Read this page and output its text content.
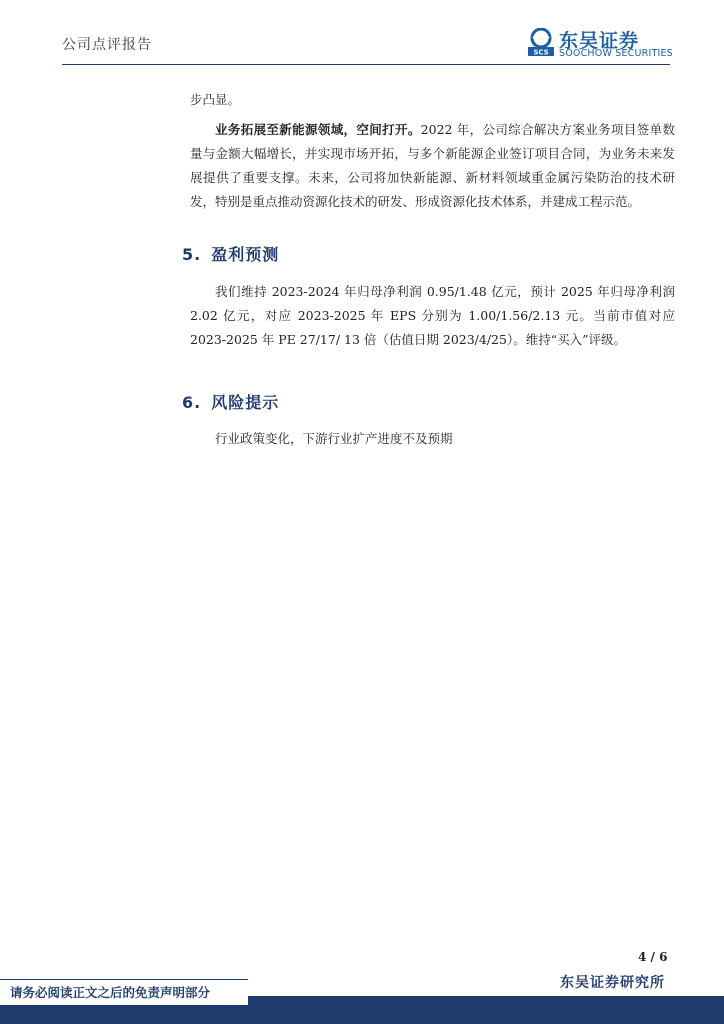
公司点评报告	SCS
东吴证券
SOOCHOW SECURITIES
步凸显。
业务拓展至新能源领域，空间打开。2022 年，公司综合解决方案业务项目签单数量与金额大幅增长，并实现市场开拓，与多个新能源企业签订项目合同，为业务未来发展提供了重要支撑。未来，公司将加快新能源、新材料领域重金属污染防治的技术研发，特别是重点推动资源化技术的研发、形成资源化技术体系，并建成工程示范。
5. 盈利预测
我们维持 2023-2024 年归母净利润 0.95/1.48 亿元，预计 2025 年归母净利润 2.02 亿元，对应 2023-2025 年 EPS 分别为 1.00/1.56/2.13 元。当前市值对应 2023-2025 年 PE 27/17/ 13 倍（估值日期 2023/4/25）。维持“买入”评级。
6. 风险提示
行业政策变化，下游行业扩产进度不及预期
4 / 6
东吴证券研究所
请务必阅读正文之后的免责声明部分
